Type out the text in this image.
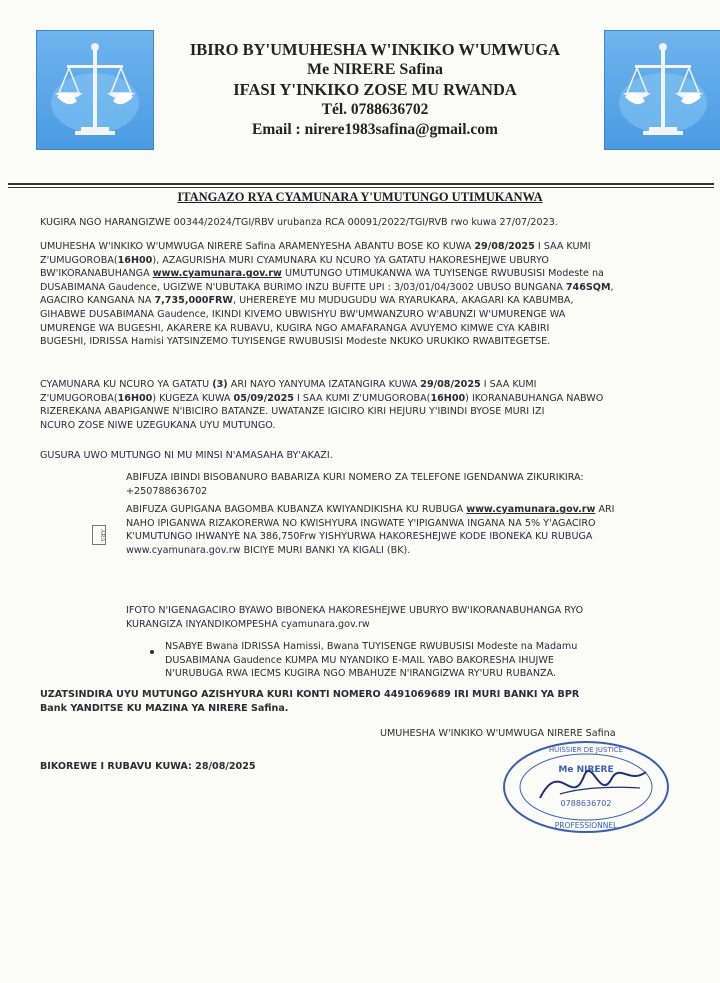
IBIRO BY'UMUHESHA W'INKIKO W'UMWUGA
Me NIRERE Safina
IFASI Y'INKIKO ZOSE MU RWANDA
Tél. 0788636702
Email : nirere1983safina@gmail.com
ITANGAZO RYA CYAMUNARA Y'UMUTUNGO UTIMUKANWA

KUGIRA NGO HARANGIZWE 00344/2024/TGI/RBV urubanza RCA 00091/2022/TGI/RVB rwo kuwa 27/07/2023.

UMUHESHA W'INKIKO W'UMWUGA NIRERE Safina ARAMENYESHA ABANTU BOSE KO KUWA 29/08/2025 I SAA KUMI
Z'UMUGOROBA(16H00), AZAGURISHA MURI CYAMUNARA KU NCURO YA GATATU HAKORESHEJWE UBURYO
BW'IKORANABUHANGA www.cyamunara.gov.rw UMUTUNGO UTIMUKANWA WA TUYISENGE RWUBUSISI Modeste na
DUSABIMANA Gaudence, UGIZWE N'UBUTAKA BURIMO INZU BUFITE UPI : 3/03/01/04/3002 UBUSO BUNGANA 746SQM,
AGACIRO KANGANA NA 7,735,000FRW, UHEREREYE MU MUDUGUDU WA RYARUKARA, AKAGARI KA KABUMBA,
GIHABWE DUSABIMANA Gaudence, IKINDI KIVEMO UBWISHYU BW'UMWANZURO W'ABUNZI W'UMURENGE WA
UMURENGE WA BUGESHI, AKARERE KA RUBAVU, KUGIRA NGO AMAFARANGA AVUYEMO KIMWE CYA KABIRI
BUGESHI, IDRISSA Hamisi YATSINZEMO TUYISENGE RWUBUSISI Modeste NKUKO URUKIKO RWABITEGETSE.

CYAMUNARA KU NCURO YA GATATU (3) ARI NAYO YANYUMA IZATANGIRA KUWA 29/08/2025 I SAA KUMI
Z'UMUGOROBA(16H00) KUGEZA KUWA 05/09/2025 I SAA KUMI Z'UMUGOROBA(16H00) IKORANABUHANGA NABWO
RIZEREKANA ABAPIGANWE N'IBICIRO BATANZE. UWATANZE IGICIRO KIRI HEJURU Y'IBINDI BYOSE MURI IZI
NCURO ZOSE NIWE UZEGUKANA UYU MUTUNGO.

GUSURA UWO MUTUNGO NI MU MINSI N'AMASAHA BY'AKAZI.

ABIFUZA IBINDI BISOBANURO BABARIZA KURI NOMERO ZA TELEFONE IGENDANWA ZIKURIKIRA:
+250788636702

ARA

ABIFUZA GUPIGANA BAGOMBA KUBANZA KWIYANDIKISHA KU RUBUGA www.cyamunara.gov.rw ARI
NAHO IPIGANWA RIZAKORERWA NO KWISHYURA INGWATE Y'IPIGANWA INGANA NA 5% Y'AGACIRO
K'UMUTUNGO IHWANYE NA 386,750Frw YISHYURWA HAKORESHEJWE KODE IBONEKA KU RUBUGA
www.cyamunara.gov.rw BICIYE MURI BANKI YA KIGALI (BK).

IFOTO N'IGENAGACIRO BYAWO BIBONEKA HAKORESHEJWE UBURYO BW'IKORANABUHANGA RYO
KURANGIZA INYANDIKOMPESHA cyamunara.gov.rw

NSABYE Bwana IDRISSA Hamissi, Bwana TUYISENGE RWUBUSISI Modeste na Madamu
DUSABIMANA Gaudence KUMPA MU NYANDIKO E-MAIL YABO BAKORESHA IHUJWE
N'URUBUGA RWA IECMS KUGIRA NGO MBAHUZE N'IRANGIZWA RY'URU RUBANZA.

UZATSINDIRA UYU MUTUNGO AZISHYURA KURI KONTI NOMERO 4491069689 IRI MURI BANKI YA BPR
Bank YANDITSE KU MAZINA YA NIRERE Safina.

UMUHESHA W'INKIKO W'UMWUGA NIRERE Safina

HUISSIER DE JUSTICE
Me NIRERE
0788636702
PROFESSIONNEL

BIKOREWE I RUBAVU KUWA: 28/08/2025
